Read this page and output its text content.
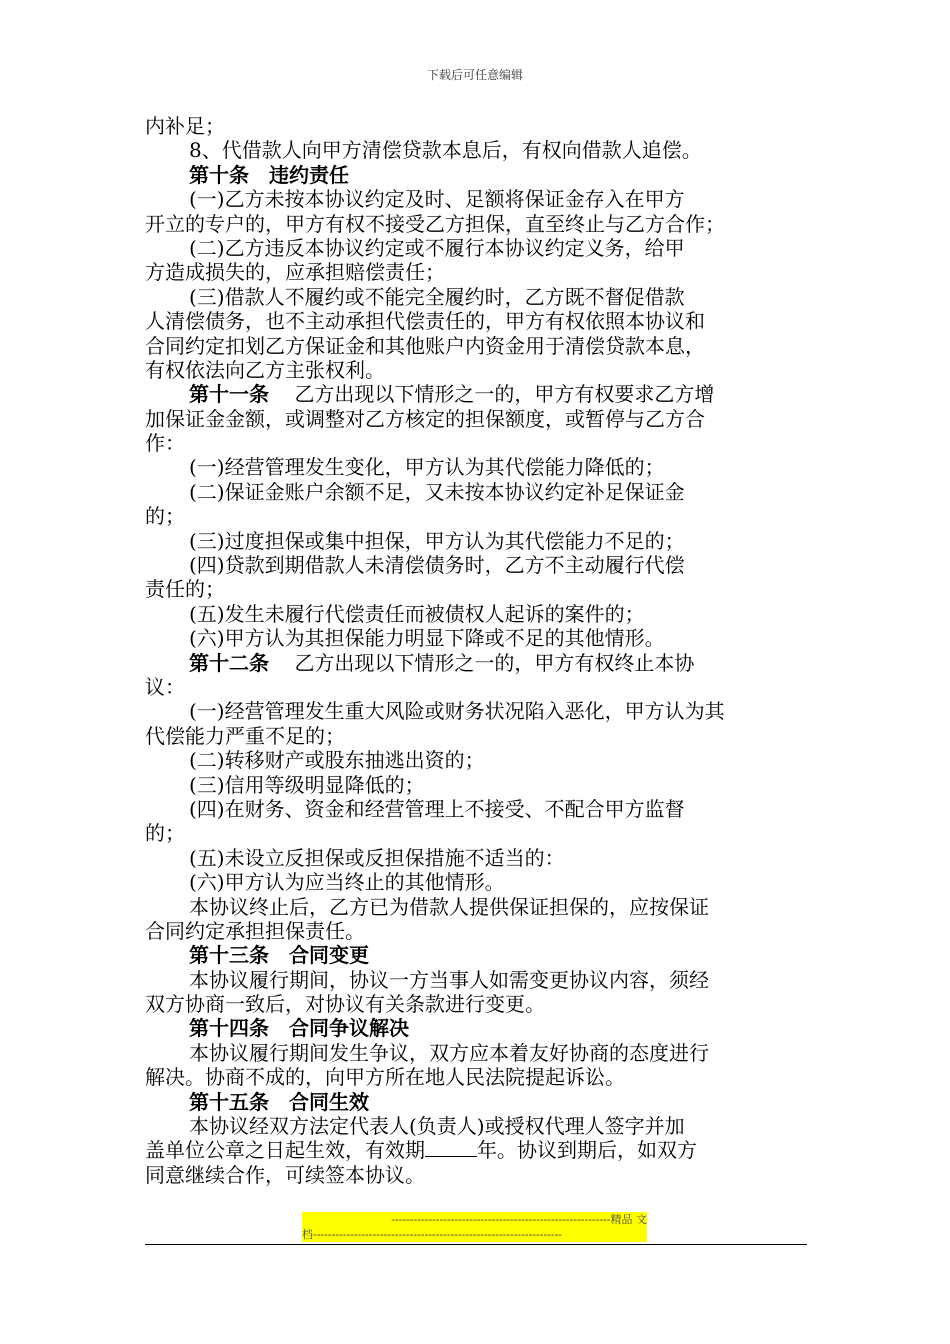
下载后可任意编辑
内补足；
8、代借款人向甲方清偿贷款本息后，有权向借款人追偿。
第十条　违约责任
(一)乙方未按本协议约定及时、足额将保证金存入在甲方
开立的专户的，甲方有权不接受乙方担保，直至终止与乙方合作；
(二)乙方违反本协议约定或不履行本协议约定义务，给甲
方造成损失的，应承担赔偿责任；
(三)借款人不履约或不能完全履约时，乙方既不督促借款
人清偿债务，也不主动承担代偿责任的，甲方有权依照本协议和
合同约定扣划乙方保证金和其他账户内资金用于清偿贷款本息，
有权依法向乙方主张权利。
第十一条 乙方出现以下情形之一的，甲方有权要求乙方增
加保证金金额，或调整对乙方核定的担保额度，或暂停与乙方合
作：
(一)经营管理发生变化，甲方认为其代偿能力降低的；
(二)保证金账户余额不足，又未按本协议约定补足保证金
的；
(三)过度担保或集中担保，甲方认为其代偿能力不足的；
(四)贷款到期借款人未清偿债务时，乙方不主动履行代偿
责任的；
(五)发生未履行代偿责任而被债权人起诉的案件的；
(六)甲方认为其担保能力明显下降或不足的其他情形。
第十二条 乙方出现以下情形之一的，甲方有权终止本协
议：
(一)经营管理发生重大风险或财务状况陷入恶化，甲方认为其
代偿能力严重不足的；
(二)转移财产或股东抽逃出资的；
(三)信用等级明显降低的；
(四)在财务、资金和经营管理上不接受、不配合甲方监督
的；
(五)未设立反担保或反担保措施不适当的：
(六)甲方认为应当终止的其他情形。
本协议终止后，乙方已为借款人提供保证担保的，应按保证
合同约定承担担保责任。
第十三条　合同变更
本协议履行期间，协议一方当事人如需变更协议内容，须经
双方协商一致后，对协议有关条款进行变更。
第十四条　合同争议解决
本协议履行期间发生争议，双方应本着友好协商的态度进行
解决。协商不成的，向甲方所在地人民法院提起诉讼。
第十五条　合同生效
本协议经双方法定代表人(负责人)或授权代理人签字并加
盖单位公章之日起生效，有效期	年。协议到期后，如双方
同意继续合作，可续签本协议。
-----------------------------------------------------------精品 文
档-------------------------------------------------------------------
